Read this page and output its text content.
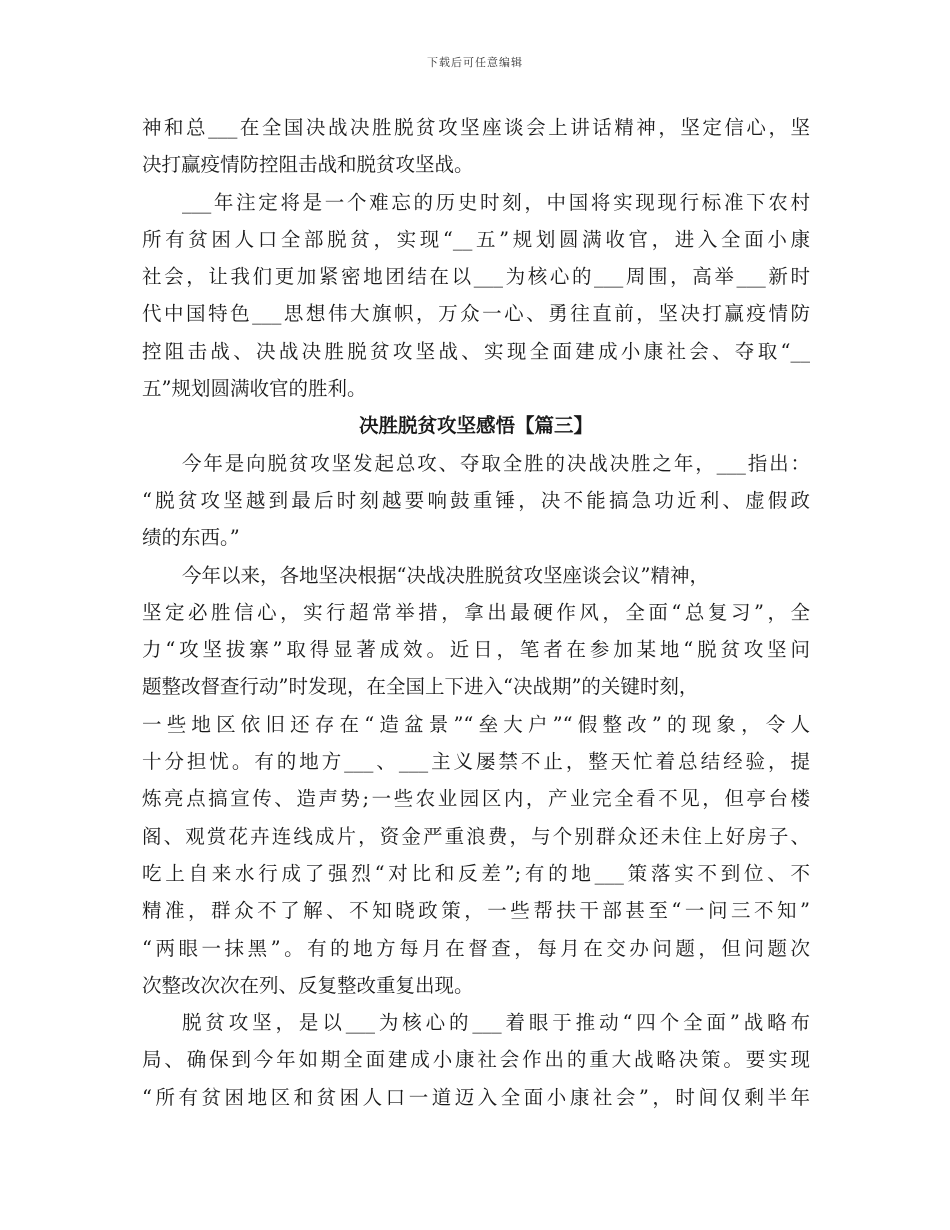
下载后可任意编辑
神和总___在全国决战决胜脱贫攻坚座谈会上讲话精神，坚定信心，坚
决打赢疫情防控阻击战和脱贫攻坚战。
___年注定将是一个难忘的历史时刻，中国将实现现行标准下农村
所有贫困人口全部脱贫，实现“__五”规划圆满收官，进入全面小康
社会，让我们更加紧密地团结在以___为核心的___周围，高举___新时
代中国特色___思想伟大旗帜，万众一心、勇往直前，坚决打赢疫情防
控阻击战、决战决胜脱贫攻坚战、实现全面建成小康社会、夺取“__
五”规划圆满收官的胜利。
决胜脱贫攻坚感悟【篇三】
今年是向脱贫攻坚发起总攻、夺取全胜的决战决胜之年，___指出：
“脱贫攻坚越到最后时刻越要响鼓重锤，决不能搞急功近利、虚假政
绩的东西。”
今年以来，各地坚决根据“决战决胜脱贫攻坚座谈会议”精神，
坚定必胜信心，实行超常举措，拿出最硬作风，全面“总复习”，全
力“攻坚拔寨”取得显著成效。近日，笔者在参加某地“脱贫攻坚问
题整改督查行动”时发现，在全国上下进入“决战期”的关键时刻，
一些地区依旧还存在“造盆景”“垒大户”“假整改”的现象，令人
十分担忧。有的地方___、___主义屡禁不止，整天忙着总结经验，提
炼亮点搞宣传、造声势;一些农业园区内，产业完全看不见，但亭台楼
阁、观赏花卉连线成片，资金严重浪费，与个别群众还未住上好房子、
吃上自来水行成了强烈“对比和反差”;有的地___策落实不到位、不
精准，群众不了解、不知晓政策，一些帮扶干部甚至“一问三不知”
“两眼一抹黑”。有的地方每月在督查，每月在交办问题，但问题次
次整改次次在列、反复整改重复出现。
脱贫攻坚，是以___为核心的___着眼于推动“四个全面”战略布
局、确保到今年如期全面建成小康社会作出的重大战略决策。要实现
“所有贫困地区和贫困人口一道迈入全面小康社会”，时间仅剩半年
